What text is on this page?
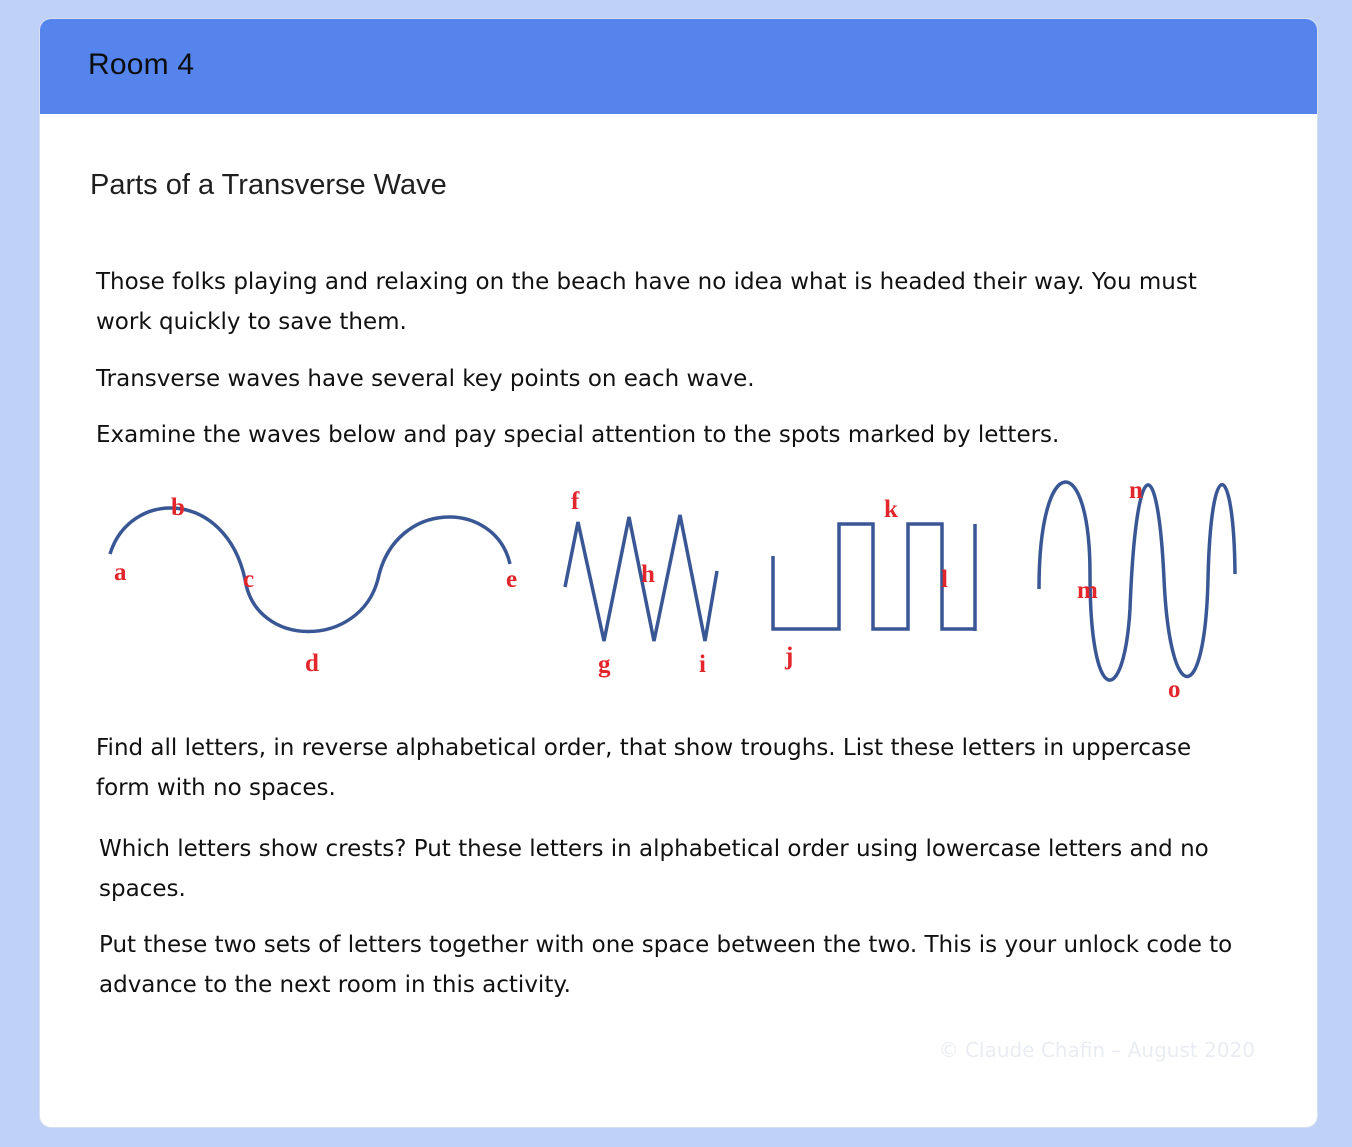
Room 4
Parts of a Transverse Wave

Those folks playing and relaxing on the beach have no idea what is headed their way. You must work quickly to save them.

Transverse waves have several key points on each wave.

Examine the waves below and pay special attention to the spots marked by letters.

a
b
c
d
e
f
g
h
i	j
k
l	m
n
o

Find all letters, in reverse alphabetical order, that show troughs. List these letters in uppercase form with no spaces.

Which letters show crests? Put these letters in alphabetical order using lowercase letters and no spaces.

Put these two sets of letters together with one space between the two. This is your unlock code to advance to the next room in this activity.

© Claude Chafin – August 2020
